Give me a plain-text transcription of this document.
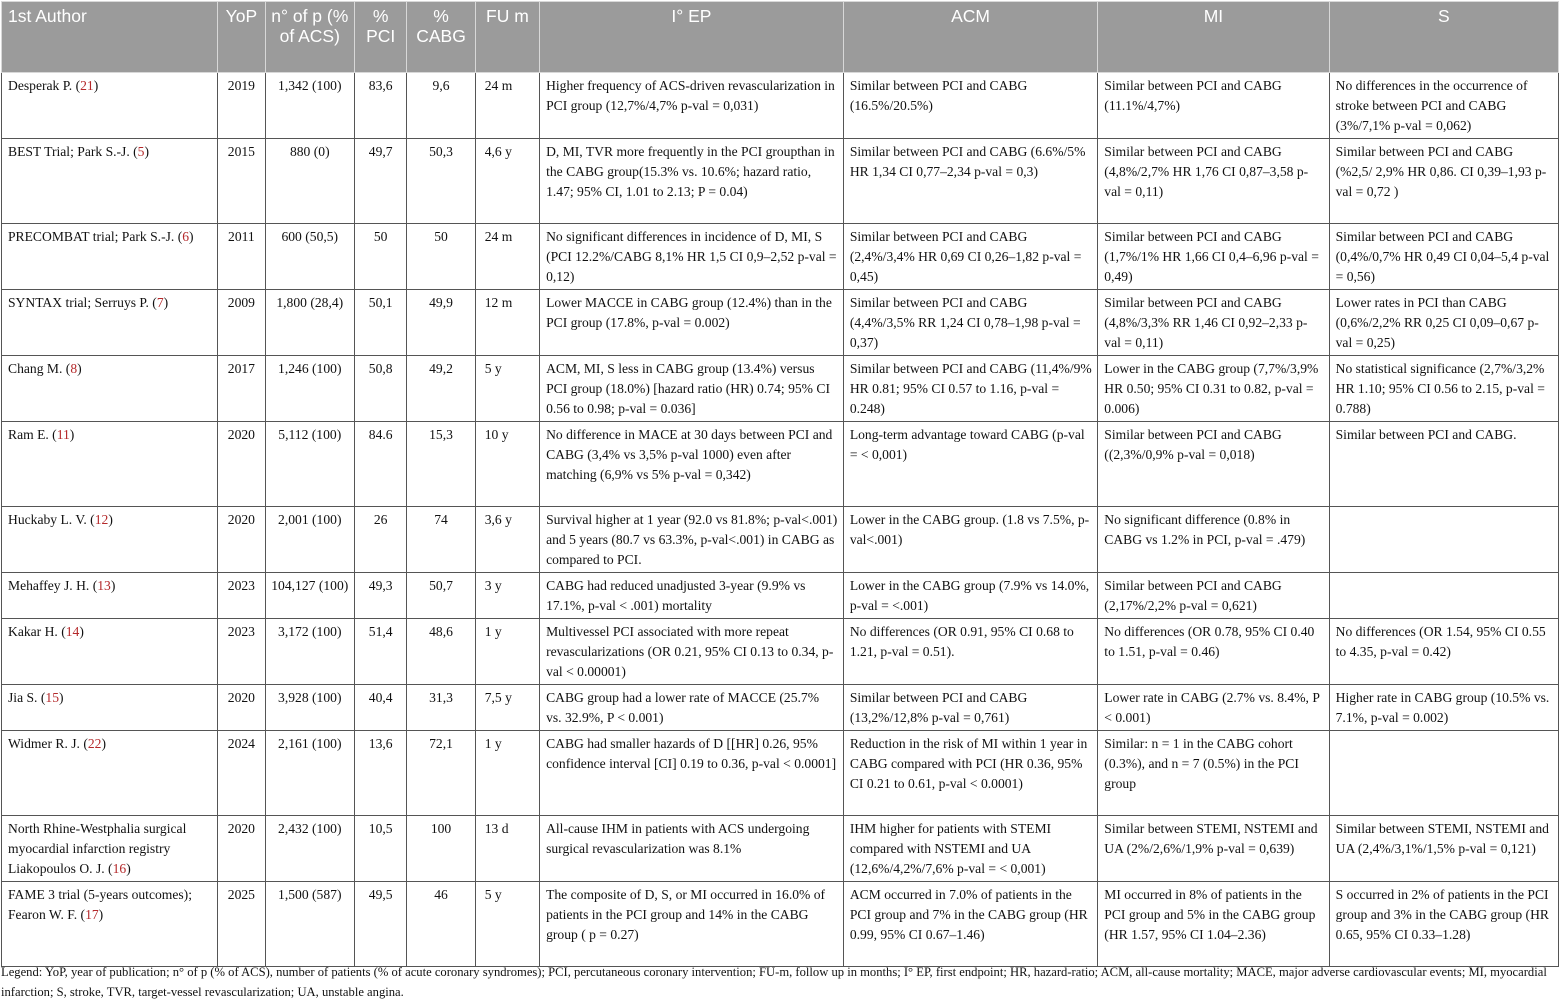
1st Author	YoP	n° of p (% of ACS)	% PCI	% CABG	FU m	I° EP	ACM	MI	S
Desperak P. (21)	2019	1,342 (100)	83,6	9,6	24 m	Higher frequency of ACS-driven revascularization in PCI group (12,7%/4,7% p-val = 0,031)	Similar between PCI and CABG (16.5%/20.5%)	Similar between PCI and CABG (11.1%/4,7%)	No differences in the occurrence of stroke between PCI and CABG (3%/7,1% p-val = 0,062)
BEST Trial; Park S.-J. (5)	2015	880 (0)	49,7	50,3	4,6 y	D, MI, TVR more frequently in the PCI groupthan in the CABG group(15.3% vs. 10.6%; hazard ratio, 1.47; 95% CI, 1.01 to 2.13; P = 0.04)	Similar between PCI and CABG (6.6%/5% HR 1,34 CI 0,77–2,34 p-val = 0,3)	Similar between PCI and CABG (4,8%/2,7% HR 1,76 CI 0,87–3,58 p-val = 0,11)	Similar between PCI and CABG (%2,5/ 2,9% HR 0,86. CI 0,39–1,93 p-val = 0,72 )
PRECOMBAT trial; Park S.-J. (6)	2011	600 (50,5)	50	50	24 m	No significant differences in incidence of D, MI, S (PCI 12.2%/CABG 8,1% HR 1,5 CI 0,9–2,52 p-val = 0,12)	Similar between PCI and CABG (2,4%/3,4% HR 0,69 CI 0,26–1,82 p-val = 0,45)	Similar between PCI and CABG (1,7%/1% HR 1,66 CI 0,4–6,96 p-val = 0,49)	Similar between PCI and CABG (0,4%/0,7% HR 0,49 CI 0,04–5,4 p-val = 0,56)
SYNTAX trial; Serruys P. (7)	2009	1,800 (28,4)	50,1	49,9	12 m	Lower MACCE in CABG group (12.4%) than in the PCI group (17.8%, p-val = 0.002)	Similar between PCI and CABG (4,4%/3,5% RR 1,24 CI 0,78–1,98 p-val = 0,37)	Similar between PCI and CABG (4,8%/3,3% RR 1,46 CI 0,92–2,33 p-val = 0,11)	Lower rates in PCI than CABG (0,6%/2,2% RR 0,25 CI 0,09–0,67 p-val = 0,25)
Chang M. (8)	2017	1,246 (100)	50,8	49,2	5 y	ACM, MI, S less in CABG group (13.4%) versus PCI group (18.0%) [hazard ratio (HR) 0.74; 95% CI 0.56 to 0.98; p-val = 0.036]	Similar between PCI and CABG (11,4%/9% HR 0.81; 95% CI 0.57 to 1.16, p-val = 0.248)	Lower in the CABG group (7,7%/3,9% HR 0.50; 95% CI 0.31 to 0.82, p-val = 0.006)	No statistical significance (2,7%/3,2% HR 1.10; 95% CI 0.56 to 2.15, p-val = 0.788)
Ram E. (11)	2020	5,112 (100)	84.6	15,3	10 y	No difference in MACE at 30 days between PCI and CABG (3,4% vs 3,5% p-val 1000) even after matching (6,9% vs 5% p-val = 0,342)	Long-term advantage toward CABG (p-val = < 0,001)	Similar between PCI and CABG ((2,3%/0,9% p-val = 0,018)	Similar between PCI and CABG.
Huckaby L. V. (12)	2020	2,001 (100)	26	74	3,6 y	Survival higher at 1 year (92.0 vs 81.8%; p-val<.001) and 5 years (80.7 vs 63.3%, p-val<.001) in CABG as compared to PCI.	Lower in the CABG group. (1.8 vs 7.5%, p-val<.001)	No significant difference (0.8% in CABG vs 1.2% in PCI, p-val = .479)	
Mehaffey J. H. (13)	2023	104,127 (100)	49,3	50,7	3 y	CABG had reduced unadjusted 3-year (9.9% vs 17.1%, p-val < .001) mortality	Lower in the CABG group (7.9% vs 14.0%, p-val = <.001)	Similar between PCI and CABG (2,17%/2,2% p-val = 0,621)	
Kakar H. (14)	2023	3,172 (100)	51,4	48,6	1 y	Multivessel PCI associated with more repeat revascularizations (OR 0.21, 95% CI 0.13 to 0.34, p-val < 0.00001)	No differences (OR 0.91, 95% CI 0.68 to 1.21, p-val = 0.51).	No differences (OR 0.78, 95% CI 0.40 to 1.51, p-val = 0.46)	No differences (OR 1.54, 95% CI 0.55 to 4.35, p-val = 0.42)
Jia S. (15)	2020	3,928 (100)	40,4	31,3	7,5 y	CABG group had a lower rate of MACCE (25.7% vs. 32.9%, P < 0.001)	Similar between PCI and CABG (13,2%/12,8% p-val = 0,761)	Lower rate in CABG (2.7% vs. 8.4%, P < 0.001)	Higher rate in CABG group (10.5% vs. 7.1%, p-val = 0.002)
Widmer R. J. (22)	2024	2,161 (100)	13,6	72,1	1 y	CABG had smaller hazards of D [[HR] 0.26, 95% confidence interval [CI] 0.19 to 0.36, p-val < 0.0001]	Reduction in the risk of MI within 1 year in CABG compared with PCI (HR 0.36, 95% CI 0.21 to 0.61, p-val < 0.0001)	Similar: n = 1 in the CABG cohort (0.3%), and n = 7 (0.5%) in the PCI group	
North Rhine-Westphalia surgical myocardial infarction registry Liakopoulos O. J. (16)	2020	2,432 (100)	10,5	100	13 d	All-cause IHM in patients with ACS undergoing surgical revascularization was 8.1%	IHM higher for patients with STEMI compared with NSTEMI and UA (12,6%/4,2%/7,6% p-val = < 0,001)	Similar between STEMI, NSTEMI and UA (2%/2,6%/1,9% p-val = 0,639)	Similar between STEMI, NSTEMI and UA (2,4%/3,1%/1,5% p-val = 0,121)
FAME 3 trial (5-years outcomes); Fearon W. F. (17)	2025	1,500 (587)	49,5	46	5 y	The composite of D, S, or MI occurred in 16.0% of patients in the PCI group and 14% in the CABG group ( p = 0.27)	ACM occurred in 7.0% of patients in the PCI group and 7% in the CABG group (HR 0.99, 95% CI 0.67–1.46)	MI occurred in 8% of patients in the PCI group and 5% in the CABG group (HR 1.57, 95% CI 1.04–2.36)	S occurred in 2% of patients in the PCI group and 3% in the CABG group (HR 0.65, 95% CI 0.33–1.28)
Legend: YoP, year of publication; n° of p (% of ACS), number of patients (% of acute coronary syndromes); PCI, percutaneous coronary intervention; FU-m, follow up in months; I° EP, first endpoint; HR, hazard-ratio; ACM, all-cause mortality; MACE, major adverse cardiovascular events; MI, myocardial infarction; S, stroke, TVR, target-vessel revascularization; UA, unstable angina.
